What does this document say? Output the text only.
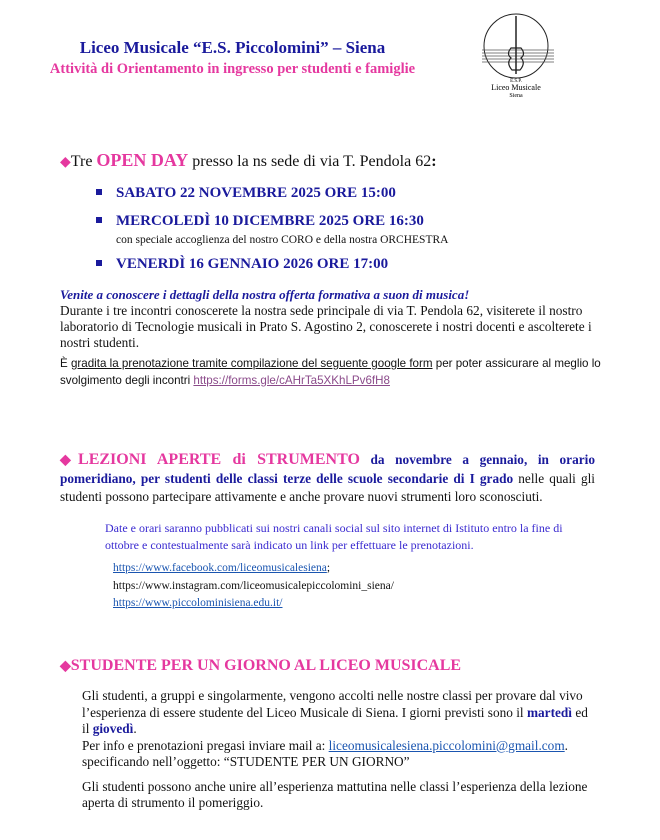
Liceo Musicale “E.S. Piccolomini” – Siena
Attività di Orientamento in ingresso per studenti e famiglie
E.S.P.
Liceo Musicale
Siena
◆Tre OPEN DAY presso la ns sede di via T. Pendola 62:
SABATO 22 NOVEMBRE 2025 ORE 15:00
MERCOLEDÌ 10 DICEMBRE 2025 ORE 16:30
con speciale accoglienza del nostro CORO e della nostra ORCHESTRA
VENERDÌ 16 GENNAIO 2026 ORE 17:00
Venite a conoscere i dettagli della nostra offerta formativa a suon di musica!
Durante i tre incontri conoscerete la nostra sede principale di via T. Pendola 62, visiterete il nostro laboratorio di Tecnologie musicali in Prato S. Agostino 2, conoscerete i nostri docenti e ascolterete i nostri studenti.
È gradita la prenotazione tramite compilazione del seguente google form per poter assicurare al meglio lo svolgimento degli incontri https://forms.gle/cAHrTa5XKhLPv6fH8
◆LEZIONI APERTE di STRUMENTO da novembre a gennaio, in orario pomeridiano, per studenti delle classi terze delle scuole secondarie di I grado nelle quali gli studenti possono partecipare attivamente e anche provare nuovi strumenti loro sconosciuti.
Date e orari saranno pubblicati sui nostri canali social sul sito internet di Istituto entro la fine di ottobre e contestualmente sarà indicato un link per effettuare le prenotazioni.
https://www.facebook.com/liceomusicalesiena;
https://www.instagram.com/liceomusicalepiccolomini_siena/
https://www.piccolominisiena.edu.it/
◆STUDENTE PER UN GIORNO AL LICEO MUSICALE

Gli studenti, a gruppi e singolarmente, vengono accolti nelle nostre classi per provare dal vivo l’esperienza di essere studente del Liceo Musicale di Siena. I giorni previsti sono il martedì ed il giovedì.
Per info e prenotazioni pregasi inviare mail a: liceomusicalesiena.piccolomini@gmail.com.
specificando nell’oggetto: “STUDENTE PER UN GIORNO”

Gli studenti possono anche unire all’esperienza mattutina nelle classi l’esperienza della lezione aperta di strumento il pomeriggio.
